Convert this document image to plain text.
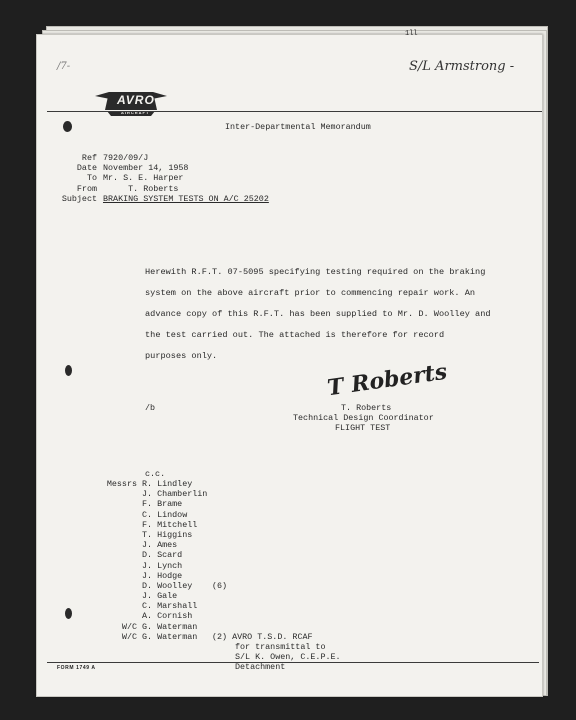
1ll
/7-	S/L Armstrong -
AVRO
AIRCRAFT
Inter-Departmental Memorandum
Ref 7920/09/J
Date November 14, 1958
To Mr. S. E. Harper
From T. Roberts
Subject BRAKING SYSTEM TESTS ON A/C 25202
Herewith R.F.T. 07-5095 specifying testing required on the braking
system on the above aircraft prior to commencing repair work. An
advance copy of this R.F.T. has been supplied to Mr. D. Woolley and
the test carried out. The attached is therefore for record
purposes only.
T Roberts
/b	T. Roberts
Technical Design Coordinator
FLIGHT TEST
c.c.
Messrs R. Lindley
J. Chamberlin
F. Brame
C. Lindow
F. Mitchell
T. Higgins
J. Ames
D. Scard
J. Lynch
J. Hodge
D. Woolley	(6)
J. Gale
C. Marshall
A. Cornish
W/C G. Waterman
W/C G. Waterman	(2) AVRO T.S.D. RCAF
for transmittal to
S/L K. Owen, C.E.P.E.
Detachment
FORM 1749 A
